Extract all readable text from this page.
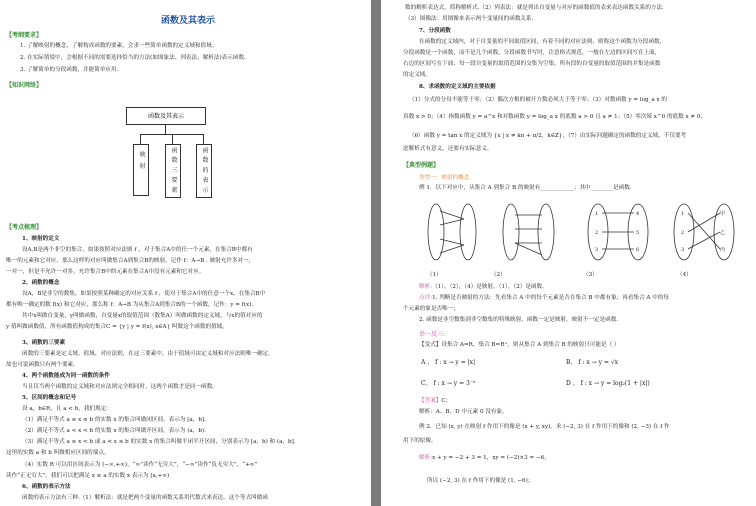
函数及其表示
【考纲要求】
1. 了解映射的概念，了解构成函数的要素，会求一些简单函数的定义域和值域；
2. 在实际情境中，会根据不同的需要选择恰当的方法(如图象法、列表法、解析法)表示函数.
3. 了解简单的分段函数，并能简单应用.
【知识网络】
函数及其表示
映 射	函 数 三 要 素	函 数 的 表 示
【考点梳理】
1、映射的定义
设A,B是两个非空的集合，如果按照对应法则 f ，对于集合A中的任一个元素，在集合B中都有
唯一的元素和它对应，那么这样的对应叫做集合A到集合B的映射，记作 f：A→B . 映射允许多对一，
一对一，但是不允许一对多，允许集合B中的元素在集合A中没有元素和它对应。
2、函数的概念
设A，B是非空的数集，如果按照某种确定的对应关系 f ，使对于集合A中的任意一个x，在集合B中
都有唯一确定的数 f(x) 和它对应，那么称 f：A→B 为从集合A到集合B的一个函数，记作：y = f(x).
其中x叫做自变量，y叫做函数，自变量x的取值范围（数集A）叫做函数的定义域，与x的值对应的
y 值叫做函数值，所有函数值构成的集合C = {y | y = f(x), x∈A} 叫做这个函数的值域。
3、函数的三要素
函数的三要素是定义域、值域、对应法则，在这三要素中，由于值域可由定义域和对应法则唯一确定，
故也可说函数只有两个要素。
4、两个函数能成为同一函数的条件
当且仅当两个函数的定义域和对应法则完全相同时，这两个函数才是同一函数。
5、区间的概念和记号
设 a，b∈R，且 a < b，我们规定：
（1）满足不等式 a ≤ x ≤ b 的实数 x 的集合叫做闭区间，表示为 [a，b].
（2）满足不等式 a < x < b 的实数 x 的集合叫做开区间，表示为 (a，b).
（3）满足不等式 a ≤ x < b 或 a < x ≤ b 的实数 x 的集合叫做半闭半开区间，分别表示为 [a，b) 和 (a，b].
这里的实数 a 和 b 叫做相应区间的端点。
（4）实数 R 可以用区间表示为 (−∞,+∞)，“∞”读作“无穷大”，“−∞”读作“负无穷大”，“+∞”
读作“正无穷大”。我们可以把满足 x ≥ a 的实数 x 表示为 [a,+∞)
6、函数的表示方法
函数的表示方法有三种.（1）解析法：就是把两个变量的函数关系用代数式来表达，这个等式叫做函
数的解析表达式，简称解析式.（2）列表法：就是列出自变量与对应的函数值的表来表达函数关系的方法.
（3）图像法：用图像来表示两个变量间的函数关系.
7、分段函数
在函数的定义域内，对于自变量的不同取值区间，有着不同的对应法则，则称这个函数为分段函数，
分段函数是一个函数，而不是几个函数，分段函数书写时，注意格式规范，一般在左边的区间写在上面，
右边的区间写在下面；每一段自变量的取值范围的交集为空集，所有段的自变量的取值范围的并集是函数
的定义域。
8、求函数的定义域的主要依据
（1）分式的分母不能等于零；（2）偶次方根的被开方数必须大于等于零；（3）对数函数 y = log_a x 的
真数 x > 0；（4）指数函数 y = a^x 和对数函数 y = log_a x 的底数 a > 0 且 a ≠ 1；（5）零次幂 x^0 的底数 x ≠ 0；
（6）函数 y = tan x 的定义域为 {x | x ≠ kπ + π/2，k∈Z}；（7）由实际问题确定的函数的定义域，不仅要考
虑解析式有意义，还要有实际意义。
【典型例题】
类型一：映射的概念
例 1．以下对应中，从集合 A 到集合 B 的映射有____________；其中________是函数．
1
2
3
4
5
6
1
2
3
甲
乙
丙
（1）	（2）	（3）	（4）
解析:（1），（2），（4）是映射，（1），（2）是函数．
点评:1. 判断是否映射的方法：先看集合 A 中的每个元素是否在集合 B 中都有象；再看集合 A 中的每
个元素的象是否唯一；
2. 函数是非空数集到非空数集的特殊映射，函数一定是映射，映射不一定是函数.
举一反三:
【变式】设集合 A=R，集合 B=R⁺，则从集合 A 到集合 B 的映射只可能是（ ）
A 、 f : x → y = |x|	B、 f : x → y = √x
C、 f : x → y = 3⁻ˣ	D 、 f : x → y = log₂(1 + |x|)
【答案】C；
解析：A、B、D 中元素 0 没有象。
例 2．已知 (x, y) 在映射 f 作用下的像是 (x + y, xy)，求 (−2, 3) 在 f 作用下的像和 (2, −3) 在 f 作
用下的原像。
解析:x + y = −2 + 3 = 1，xy = (−2)×3 = −6，
所以 (−2, 3) 在 f 作用下的像是 (1, −6)；
